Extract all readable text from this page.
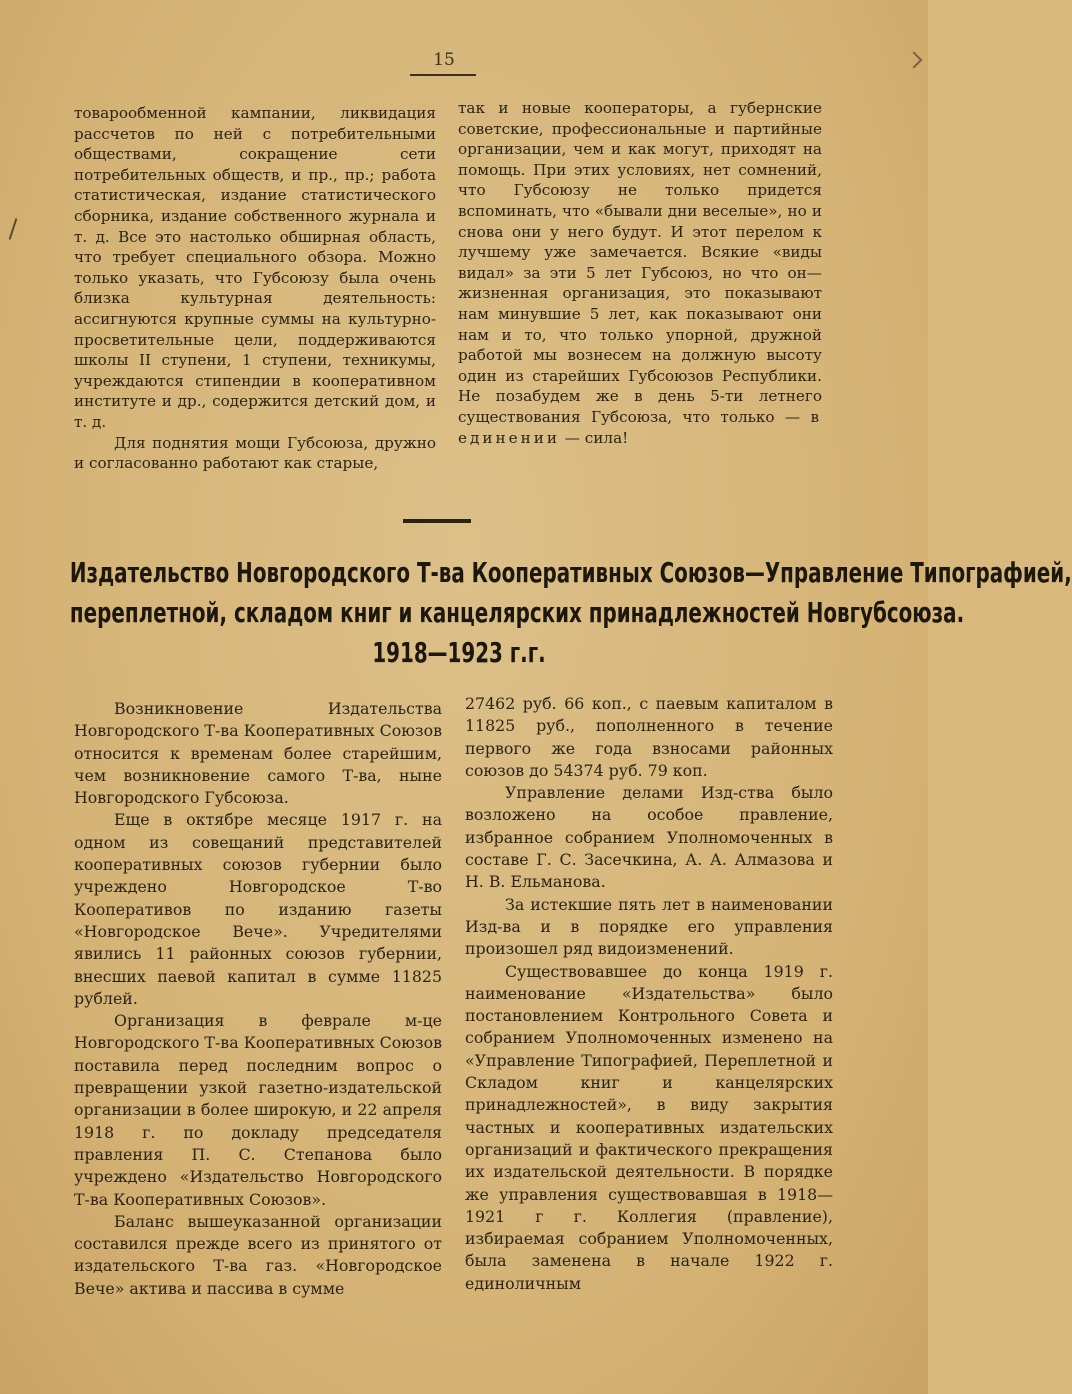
15

товарообменной кампании, ликвидация рассчетов по ней с потребительными обществами, сокращение сети потребительных обществ, и пр., пр.; работа статистическая, издание статистического сборника, издание собственного журнала и т. д. Все это настолько обширная область, что требует специального обзора. Можно только указать, что Губсоюзу была очень близка культурная деятельность: ассигнуются крупные суммы на культурно-просветительные цели, поддерживаются школы II ступени, 1 ступени, техникумы, учреждаются стипендии в кооперативном институте и др., содержится детский дом, и т. д.

Для поднятия мощи Губсоюза, дружно и согласованно работают как старые,

так и новые кооператоры, а губернские советские, профессиональные и партийные организации, чем и как могут, приходят на помощь. При этих условиях, нет сомнений, что Губсоюзу не только придется вспоминать, что «бывали дни веселые», но и снова они у него будут. И этот перелом к лучшему уже замечается. Всякие «виды видал» за эти 5 лет Губсоюз, но что он—жизненная организация, это показывают нам минувшие 5 лет, как показывают они нам и то, что только упорной, дружной работой мы вознесем на должную высоту один из старейших Губсоюзов Республики. Не позабудем же в день 5-ти летнего существования Губсоюза, что только — в единении — сила!

Издательство Новгородского Т-ва Кооперативных Союзов—Управление Типографией,
переплетной, складом книг и канцелярских принадлежностей Новгубсоюза.
1918—1923 г.г.

Возникновение Издательства Новгородского Т-ва Кооперативных Союзов относится к временам более старейшим, чем возникновение самого Т-ва, ныне Новгородского Губсоюза.

Еще в октябре месяце 1917 г. на одном из совещаний представителей кооперативных союзов губернии было учреждено Новгородское Т-во Кооперативов по изданию газеты «Новгородское Вече». Учредителями явились 11 районных союзов губернии, внесших паевой капитал в сумме 11825 рублей.

Организация в феврале м-це Новгородского Т-ва Кооперативных Союзов поставила перед последним вопрос о превращении узкой газетно-издательской организации в более широкую, и 22 апреля 1918 г. по докладу председателя правления П. С. Степанова было учреждено «Издательство Новгородского Т-ва Кооперативных Союзов».

Баланс вышеуказанной организации составился прежде всего из принятого от издательского Т-ва газ. «Новгородское Вече» актива и пассива в сумме

27462 руб. 66 коп., с паевым капиталом в 11825 руб., пополненного в течение первого же года взносами районных союзов до 54374 руб. 79 коп.

Управление делами Изд-ства было возложено на особое правление, избранное собранием Уполномоченных в составе Г. С. Засечкина, А. А. Алмазова и Н. В. Ельманова.

За истекшие пять лет в наименовании Изд-ва и в порядке его управления произошел ряд видоизменений.

Существовавшее до конца 1919 г. наименование «Издательства» было постановлением Контрольного Совета и собранием Уполномоченных изменено на «Управление Типографией, Переплетной и Складом книг и канцелярских принадлежностей», в виду закрытия частных и кооперативных издательских организаций и фактического прекращения их издательской деятельности. В порядке же управления существовавшая в 1918—1921 г г. Коллегия (правление), избираемая собранием Уполномоченных, была заменена в начале 1922 г. единоличным
